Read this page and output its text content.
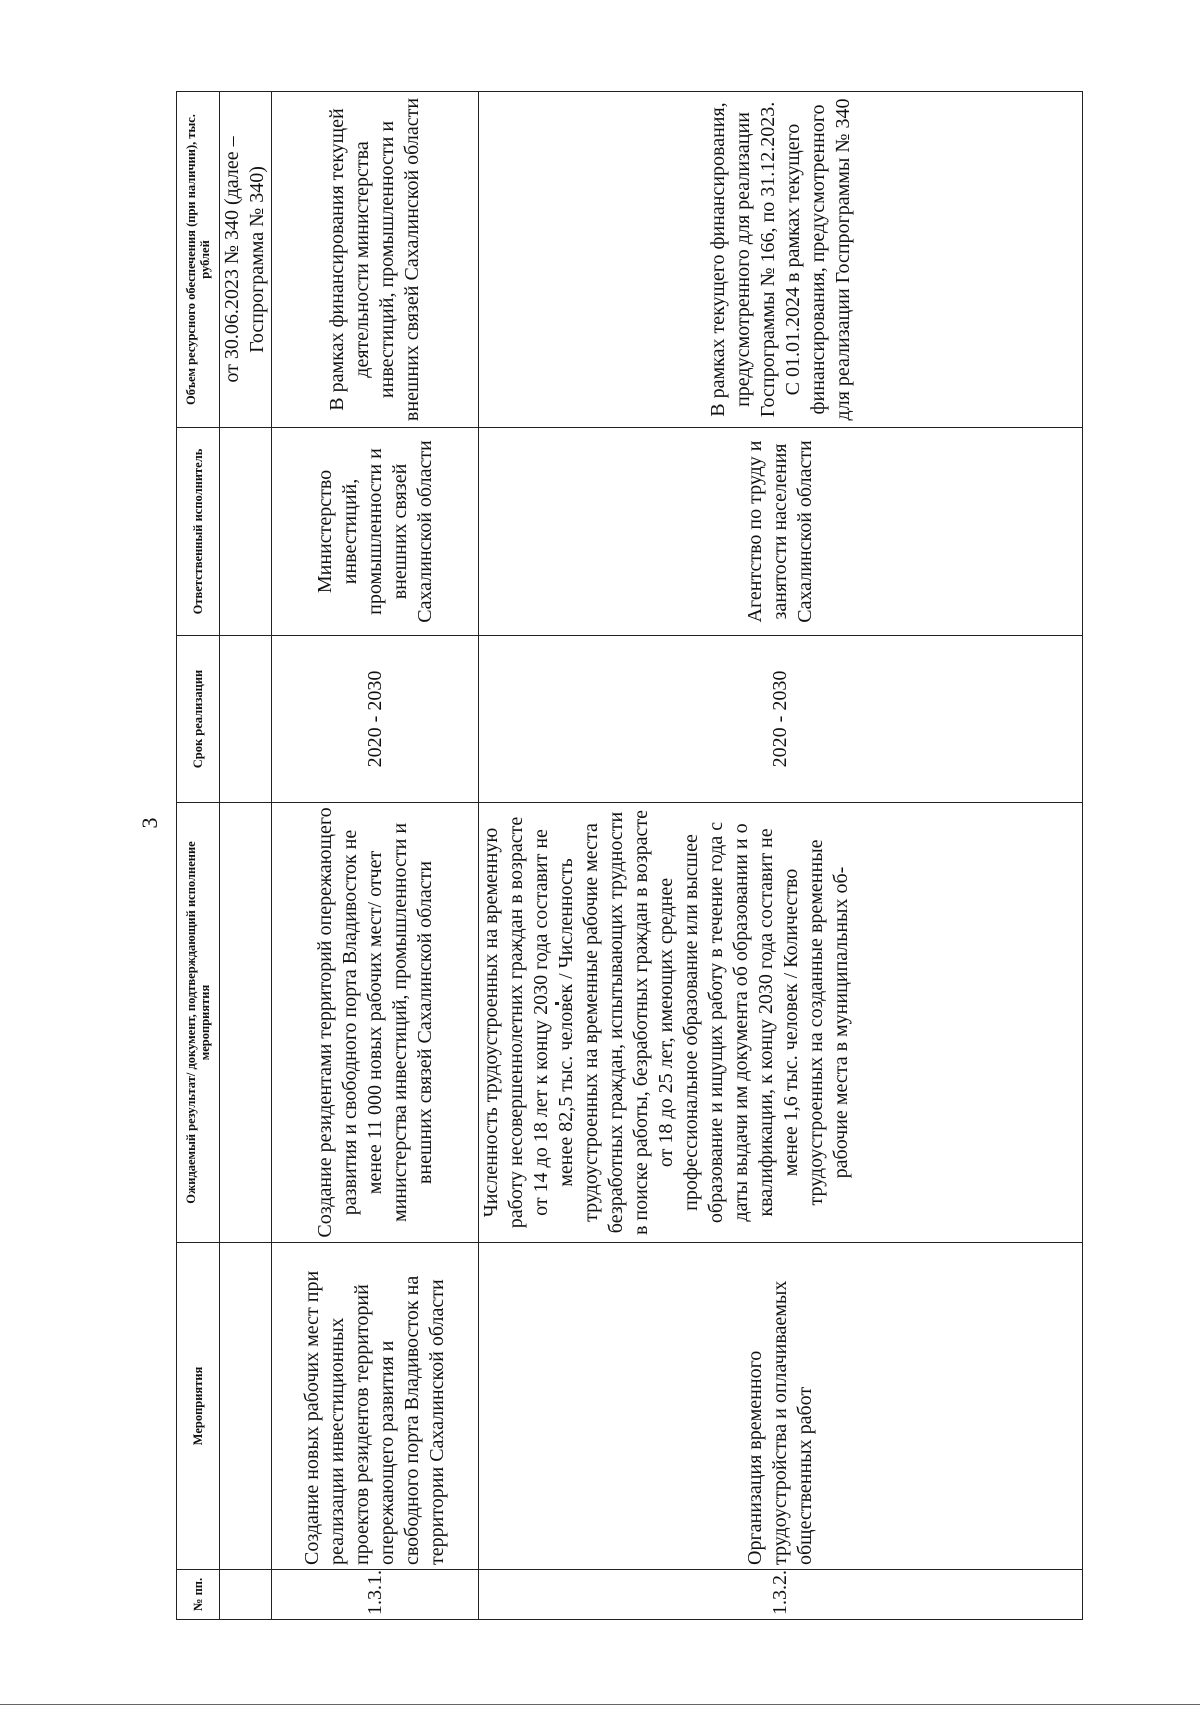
3
№ пп.	Мероприятия	Ожидаемый результат/ документ, подтверждающий исполнение мероприятия	Срок реализации	Ответственный исполнитель	Объем ресурсного обеспечения (при наличии), тыс. рублей
					от 30.06.2023 № 340 (далее – Госпрограмма № 340)
1.3.1.	Создание новых рабочих мест при реализации инвестиционных проектов резидентов территорий опережающего развития и свободного порта Владивосток на территории Сахалинской области	Создание резидентами территорий опережающего развития и свободного порта Владивосток не менее 11 000 новых рабочих мест/ отчет министерства инвестиций, промышленности и внешних связей Сахалинской области	2020 - 2030	Министерство инвестиций, промышленности и внешних связей Сахалинской области	В рамках финансирования текущей деятельности министерства инвестиций, промышленности и внешних связей Сахалинской области
1.3.2.	Организация временного трудоустройства и оплачиваемых общественных работ	Численность трудоустроенных на временную работу несовершеннолетних граждан в возрасте от 14 до 18 лет к концу 2030 года составит не менее 82,5 тыс. человек / Численность трудоустроенных на временные рабочие места безработных граждан, испытывающих трудности в поиске работы, безработных граждан в возрасте от 18 до 25 лет, имеющих среднее профессиональное образование или высшее образование и ищущих работу в течение года с даты выдачи им документа об образовании и о квалификации, к концу 2030 года составит не менее 1,6 тыс. человек / Количество трудоустроенных на созданные временные рабочие места в муниципальных об-	2020 - 2030	Агентство по труду и занятости населения Сахалинской области	В рамках текущего финансирования, предусмотренного для реализации Госпрограммы № 166, по 31.12.2023. С 01.01.2024 в рамках текущего финансирования, предусмотренного для реализации Госпрограммы № 340
